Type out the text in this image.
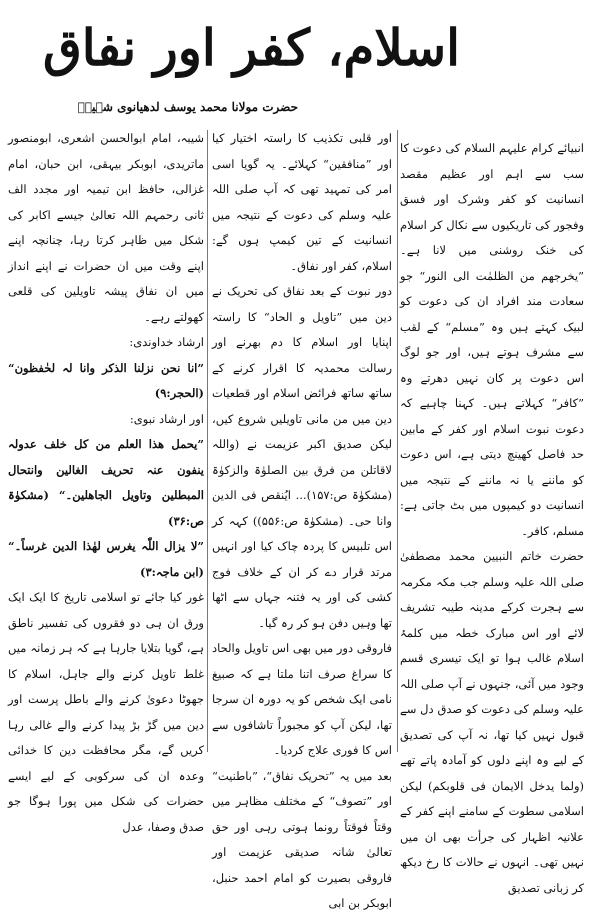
اسلام، کفر اور نفاق
حضرت مولانا محمد یوسف لدھیانوی شہیدؒ

انبیائے کرام علیہم السلام کی دعوت کا سب سے اہم اور عظیم مقصد انسانیت کو کفر وشرک اور فسق وفجور کی تاریکیوں سے نکال کر اسلام کی خنک روشنی میں لانا ہے۔ ”یخرجھم من الظلمٰت الی النور“ جو سعادت مند افراد ان کی دعوت کو لبیک کہتے ہیں وہ ”مسلم“ کے لقب سے مشرف ہوتے ہیں، اور جو لوگ اس دعوت پر کان نہیں دھرتے وہ ”کافر“ کہلاتے ہیں۔ کہنا چاہیے کہ دعوت نبوت اسلام اور کفر کے مابین حد فاصل کھینچ دیتی ہے، اس دعوت کو ماننے یا نہ ماننے کے نتیجہ میں انسانیت دو کیمپوں میں بٹ جاتی ہے: مسلم، کافر۔

حضرت خاتم النبیین محمد مصطفیٰ صلی اللہ علیہ وسلم جب مکہ مکرمہ سے ہجرت کرکے مدینہ طیبہ تشریف لائے اور اس مبارک خطہ میں کلمۂ اسلام غالب ہوا تو ایک تیسری قسم وجود میں آئی، جنہوں نے آپ صلی اللہ علیہ وسلم کی دعوت کو صدق دل سے قبول نہیں کیا تھا، نہ آپ کی تصدیق کے لیے وہ اپنے دلوں کو آمادہ پاتے تھے (ولما یدخل الایمان فی قلوبکم) لیکن اسلامی سطوت کے سامنے اپنے کفر کے علانیہ اظہار کی جرأت بھی ان میں نہیں تھی۔ انہوں نے حالات کا رخ دیکھ کر زبانی تصدیق

اور قلبی تکذیب کا راستہ اختیار کیا اور ”منافقین“ کہلائے۔ یہ گویا اسی امر کی تمہید تھی کہ آپ صلی اللہ علیہ وسلم کی دعوت کے نتیجہ میں انسانیت کے تین کیمپ ہوں گے: اسلام، کفر اور نفاق۔

دور نبوت کے بعد نفاق کی تحریک نے دین میں ”تاویل و الحاد“ کا راستہ اپنایا اور اسلام کا دم بھرنے اور رسالت محمدیہ کا اقرار کرنے کے ساتھ ساتھ فرائض اسلام اور قطعیات دین میں من مانی تاویلیں شروع کیں، لیکن صدیق اکبر عزیمت نے (واللہ لاقاتلن من فرق بین الصلوٰۃ والزکوٰۃ (مشکوٰۃ ص:۱۵۷)... ایُنقص فی الدین وانا حی۔ (مشکوٰۃ ص:۵۵۶)) کہہ کر اس تلبیس کا پردہ چاک کیا اور انہیں مرتد قرار دے کر ان کے خلاف فوج کشی کی اور یہ فتنہ جہاں سے اٹھا تھا وہیں دفن ہو کر رہ گیا۔

فاروقی دور میں بھی اس تاویل والحاد کا سراغ صرف اتنا ملتا ہے کہ صبیغ نامی ایک شخص کو یہ دورہ ان سرجا تھا، لیکن آپ کو مجبوراً تاشافوں سے اس کا فوری علاج کردیا۔

بعد میں یہ ”تحریک نفاق“، ”باطنیت“ اور ”تصوف“ کے مختلف مظاہر میں وقتاً فوقتاً رونما ہوتی رہی اور حق تعالیٰ شانہ صدیقی عزیمت اور فاروقی بصیرت کو امام احمد حنبل، ابوبکر بن ابی

شیبہ، امام ابوالحسن اشعری، ابومنصور ماتریدی، ابوبکر بیہقی، ابن حبان، امام غزالی، حافظ ابن تیمیہ اور مجدد الف ثانی رحمہم اللہ تعالیٰ جیسے اکابر کی شکل میں ظاہر کرتا رہا، چنانچہ اپنے اپنے وقت میں ان حضرات نے اپنے انداز میں ان نفاق پیشہ تاویلین کی قلعی کھولتے رہے۔

ارشاد خداوندی:

”انا نحن نزلنا الذکر وانا لہ لحٰفظون“ (الحجر:۹)

اور ارشاد نبوی:

”یحمل ھذا العلم من کل خلف عدولہ ینفون عنہ تحریف الغالین وانتحال المبطلین وتاویل الجاھلین۔“ (مشکوٰۃ ص:۳۶)

”لا یزال اللّٰہ یغرس لھٰذا الدین غرساً۔“ (ابن ماجہ:۳)

غور کیا جائے تو اسلامی تاریخ کا ایک ایک ورق ان ہی دو فقروں کی تفسیر ناطق ہے، گویا بتلایا جارہا ہے کہ ہر زمانہ میں غلط تاویل کرنے والے جاہل، اسلام کا جھوٹا دعویٰ کرنے والے باطل پرست اور دین میں گڑ بڑ پیدا کرنے والے غالی رہا کریں گے، مگر محافظت دین کا خدائی وعدہ ان کی سرکوبی کے لیے ایسے حضرات کی شکل میں پورا ہوگا جو صدق وصفا، عدل
